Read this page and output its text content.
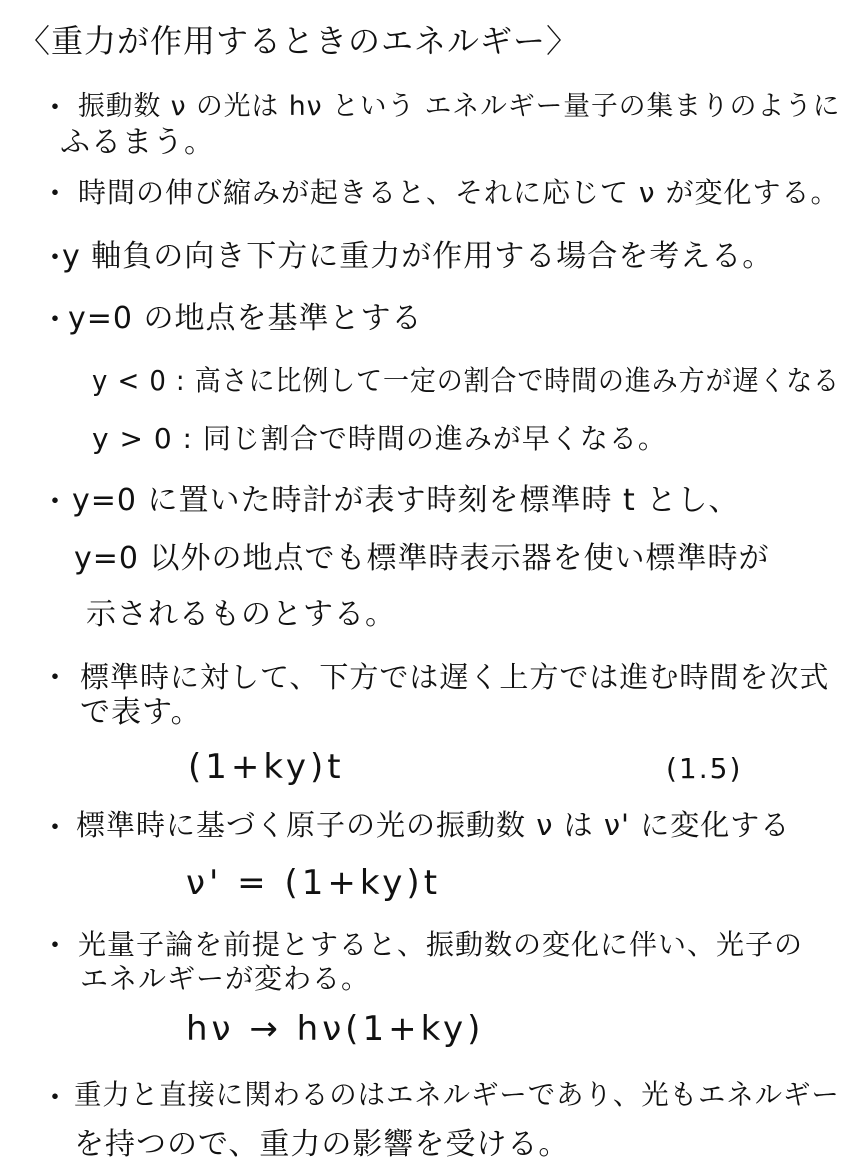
〈重力が作用するときのエネルギー〉
・ 振動数 ν の光は hν という エネルギー量子の集まりのように
ふるまう。
・ 時間の伸び縮みが起きると、それに応じて ν が変化する。
・
y 軸負の向き下方に重力が作用する場合を考える。
・
y=0 の地点を基準とする
y < 0 : 高さに比例して一定の割合で時間の進み方が遅くなる
y > 0 : 同じ割合で時間の進みが早くなる。
・ y=0 に置いた時計が表す時刻を標準時 t とし、
y=0 以外の地点でも標準時表示器を使い標準時が
示されるものとする。
・ 標準時に対して、下方では遅く上方では進む時間を次式
で表す。
(1+ky)t	(1.5)
・ 標準時に基づく原子の光の振動数 ν は ν' に変化する
ν' = (1+ky)t
・ 光量子論を前提とすると、振動数の変化に伴い、光子の
エネルギーが変わる。
hν → hν(1+ky)
・ 重力と直接に関わるのはエネルギーであり、光もエネルギー
を持つので、重力の影響を受ける。
